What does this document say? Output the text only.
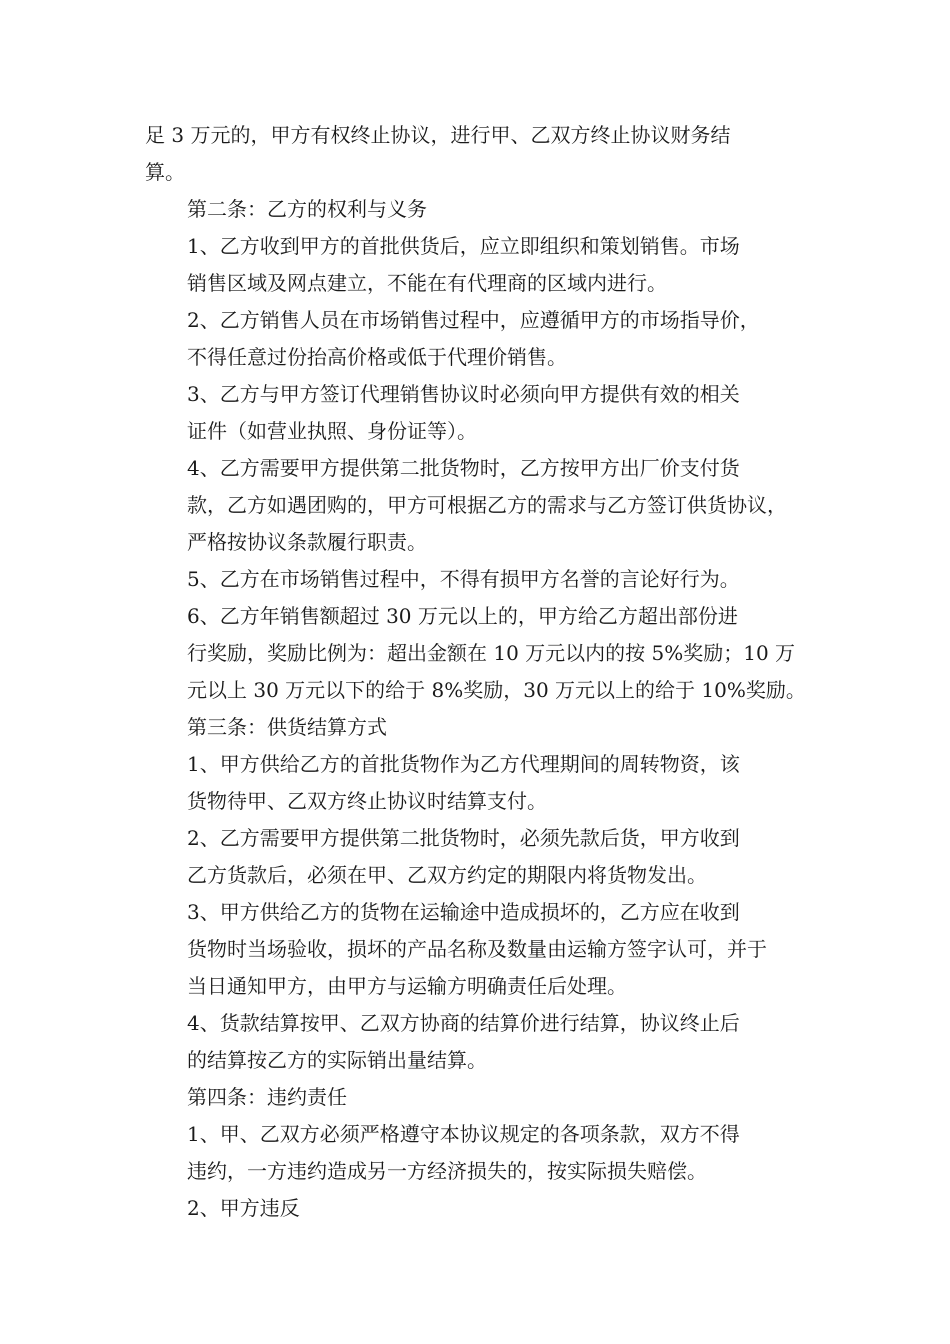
足 3 万元的，甲方有权终止协议，进行甲、乙双方终止协议财务结
算。

第二条：乙方的权利与义务

1、乙方收到甲方的首批供货后，应立即组织和策划销售。市场
销售区域及网点建立，不能在有代理商的区域内进行。

2、乙方销售人员在市场销售过程中，应遵循甲方的市场指导价，
不得任意过份抬高价格或低于代理价销售。

3、乙方与甲方签订代理销售协议时必须向甲方提供有效的相关
证件（如营业执照、身份证等）。

4、乙方需要甲方提供第二批货物时，乙方按甲方出厂价支付货
款，乙方如遇团购的，甲方可根据乙方的需求与乙方签订供货协议，
严格按协议条款履行职责。

5、乙方在市场销售过程中，不得有损甲方名誉的言论好行为。

6、乙方年销售额超过 30 万元以上的，甲方给乙方超出部份进
行奖励，奖励比例为：超出金额在 10 万元以内的按 5%奖励；10 万
元以上 30 万元以下的给于 8%奖励，30 万元以上的给于 10%奖励。

第三条：供货结算方式

1、甲方供给乙方的首批货物作为乙方代理期间的周转物资，该
货物待甲、乙双方终止协议时结算支付。

2、乙方需要甲方提供第二批货物时，必须先款后货，甲方收到
乙方货款后，必须在甲、乙双方约定的期限内将货物发出。

3、甲方供给乙方的货物在运输途中造成损坏的，乙方应在收到
货物时当场验收，损坏的产品名称及数量由运输方签字认可，并于
当日通知甲方，由甲方与运输方明确责任后处理。

4、货款结算按甲、乙双方协商的结算价进行结算，协议终止后
的结算按乙方的实际销出量结算。

第四条：违约责任

1、甲、乙双方必须严格遵守本协议规定的各项条款，双方不得
违约，一方违约造成另一方经济损失的，按实际损失赔偿。

2、甲方违反
